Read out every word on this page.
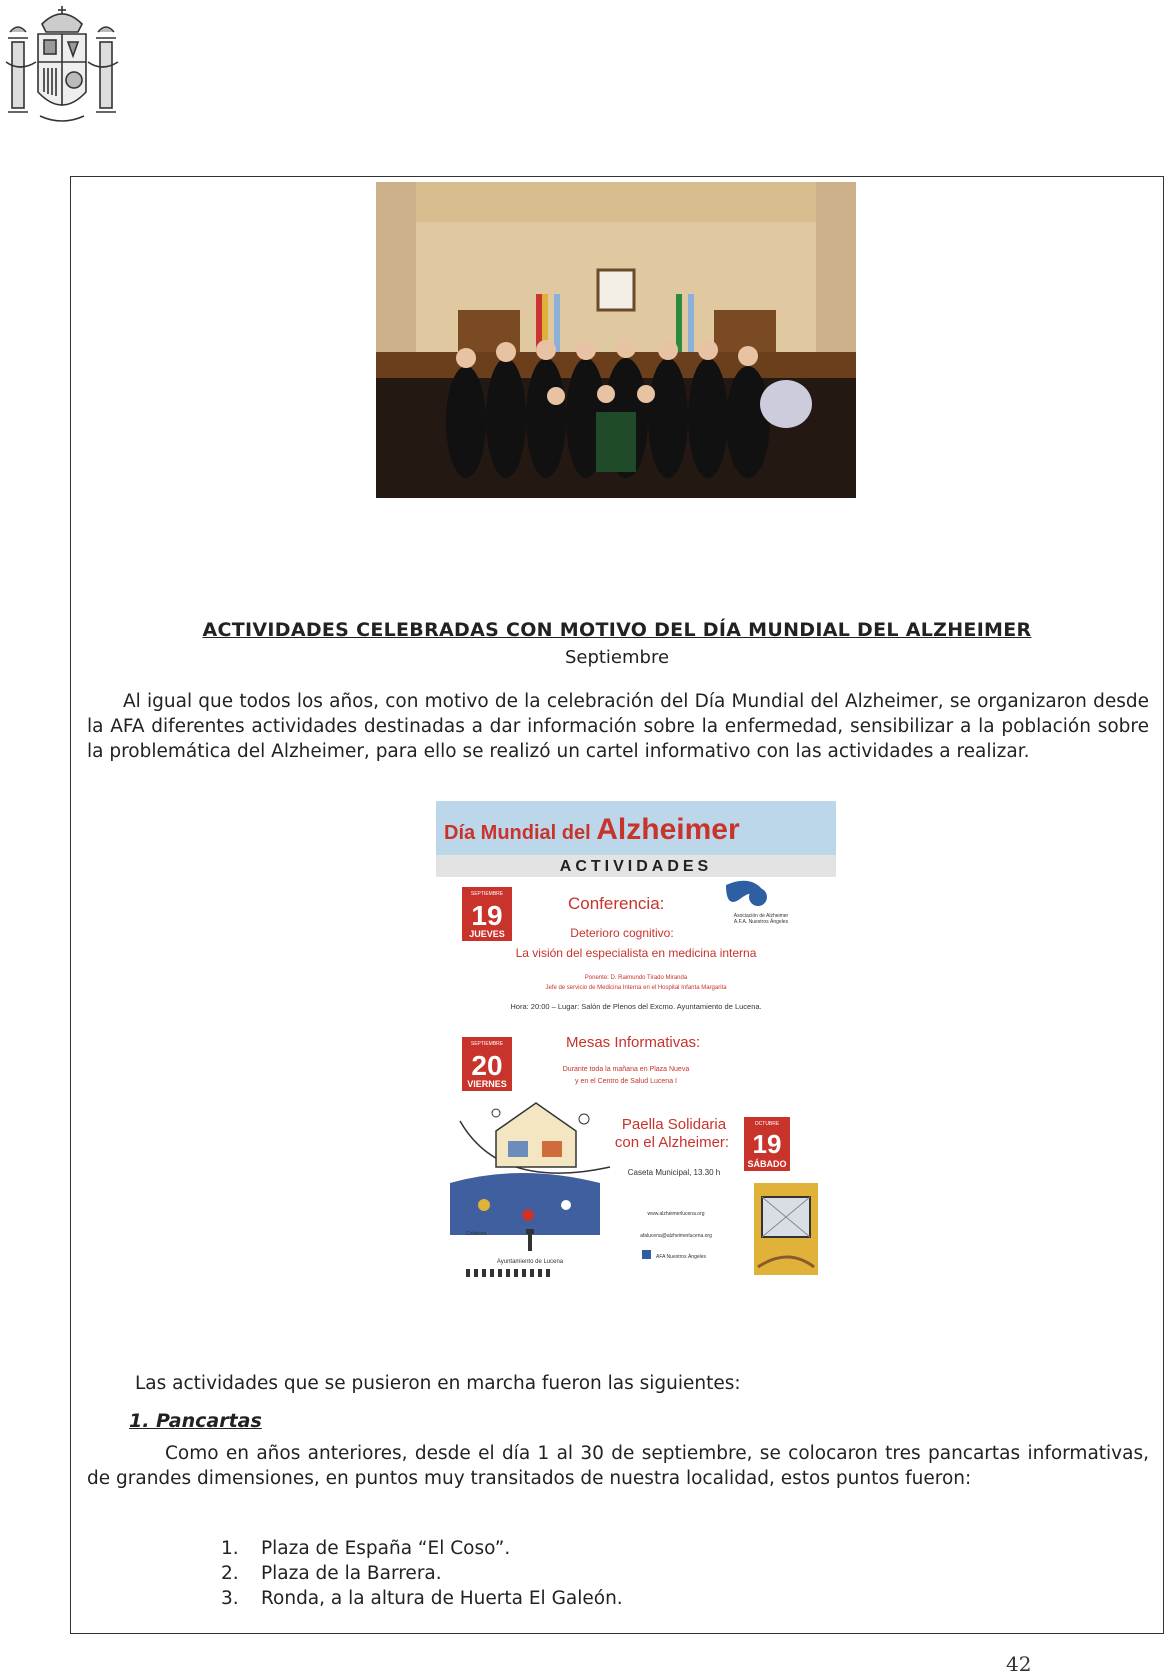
ACTIVIDADES CELEBRADAS CON MOTIVO DEL DÍA MUNDIAL DEL ALZHEIMER
Septiembre
Al igual que todos los años, con motivo de la celebración del Día Mundial del Alzheimer, se organizaron desde la AFA diferentes actividades destinadas a dar información sobre la enfermedad, sensibilizar a la población sobre la problemática del Alzheimer, para ello se realizó un cartel informativo con las actividades a realizar.
Día Mundial del Alzheimer
ACTIVIDADES
SEPTIEMBRE
19
JUEVES
Conferencia:
Asociación de Alzheimer
A.F.A. Nuestros Ángeles
Deterioro cognitivo:
La visión del especialista en medicina interna
Ponente: D. Raimundo Tirado Miranda
Jefe de servicio de Medicina Interna en el Hospital Infanta Margarita
Hora: 20:00 – Lugar: Salón de Plenos del Excmo. Ayuntamiento de Lucena.
SEPTIEMBRE
20
VIERNES
Mesas Informativas:
Durante toda la mañana en Plaza Nueva
y en el Centro de Salud Lucena I
Paella Solidaria
con el Alzheimer:
Caseta Municipal, 13.30 h
OCTUBRE
19
SÁBADO
www.alzheimerlucena.org
afalucena@alzheimerlucena.org
AFA Nuestros Ángeles
Colabora
Ayuntamiento de Lucena
Las actividades que se pusieron en marcha fueron las siguientes:
1. Pancartas
Como en años anteriores, desde el día 1 al 30 de septiembre, se colocaron tres pancartas informativas, de grandes dimensiones, en puntos muy transitados de nuestra localidad, estos puntos fueron:
1. Plaza de España “El Coso”.
2. Plaza de la Barrera.
3. Ronda, a la altura de Huerta El Galeón.
42
